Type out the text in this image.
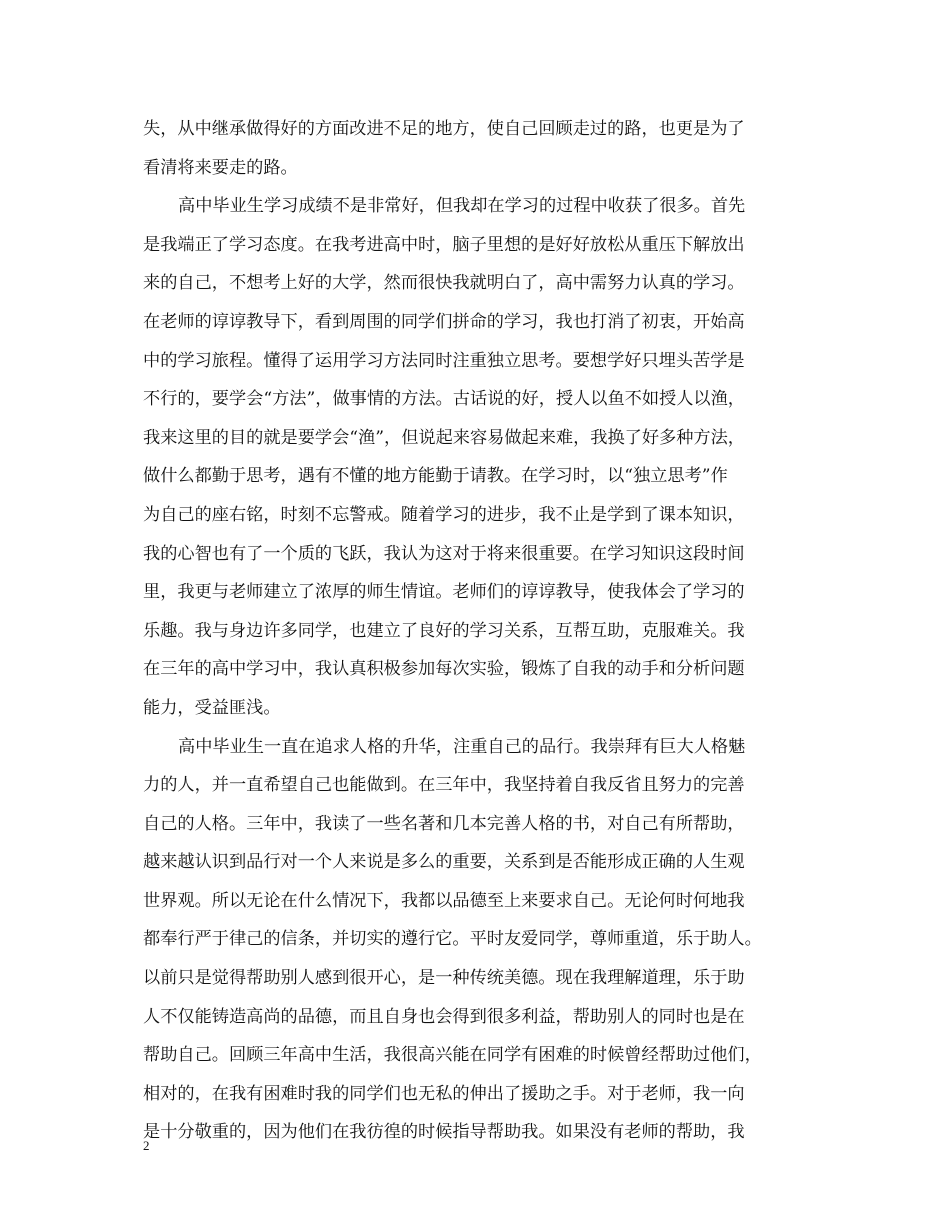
失，从中继承做得好的方面改进不足的地方，使自己回顾走过的路，也更是为了
看清将来要走的路。
高中毕业生学习成绩不是非常好，但我却在学习的过程中收获了很多。首先
是我端正了学习态度。在我考进高中时，脑子里想的是好好放松从重压下解放出
来的自己，不想考上好的大学，然而很快我就明白了，高中需努力认真的学习。
在老师的谆谆教导下，看到周围的同学们拼命的学习，我也打消了初衷，开始高
中的学习旅程。懂得了运用学习方法同时注重独立思考。要想学好只埋头苦学是
不行的，要学会“方法”，做事情的方法。古话说的好，授人以鱼不如授人以渔，
我来这里的目的就是要学会“渔”，但说起来容易做起来难，我换了好多种方法，
做什么都勤于思考，遇有不懂的地方能勤于请教。在学习时，以“独立思考”作
为自己的座右铭，时刻不忘警戒。随着学习的进步，我不止是学到了课本知识，
我的心智也有了一个质的飞跃，我认为这对于将来很重要。在学习知识这段时间
里，我更与老师建立了浓厚的师生情谊。老师们的谆谆教导，使我体会了学习的
乐趣。我与身边许多同学，也建立了良好的学习关系，互帮互助，克服难关。我
在三年的高中学习中，我认真积极参加每次实验，锻炼了自我的动手和分析问题
能力，受益匪浅。
高中毕业生一直在追求人格的升华，注重自己的品行。我崇拜有巨大人格魅
力的人，并一直希望自己也能做到。在三年中，我坚持着自我反省且努力的完善
自己的人格。三年中，我读了一些名著和几本完善人格的书，对自己有所帮助，
越来越认识到品行对一个人来说是多么的重要，关系到是否能形成正确的人生观
世界观。所以无论在什么情况下，我都以品德至上来要求自己。无论何时何地我
都奉行严于律己的信条，并切实的遵行它。平时友爱同学，尊师重道，乐于助人。
以前只是觉得帮助别人感到很开心，是一种传统美德。现在我理解道理，乐于助
人不仅能铸造高尚的品德，而且自身也会得到很多利益，帮助别人的同时也是在
帮助自己。回顾三年高中生活，我很高兴能在同学有困难的时候曾经帮助过他们，
相对的，在我有困难时我的同学们也无私的伸出了援助之手。对于老师，我一向
是十分敬重的，因为他们在我彷徨的时候指导帮助我。如果没有老师的帮助，我
2
